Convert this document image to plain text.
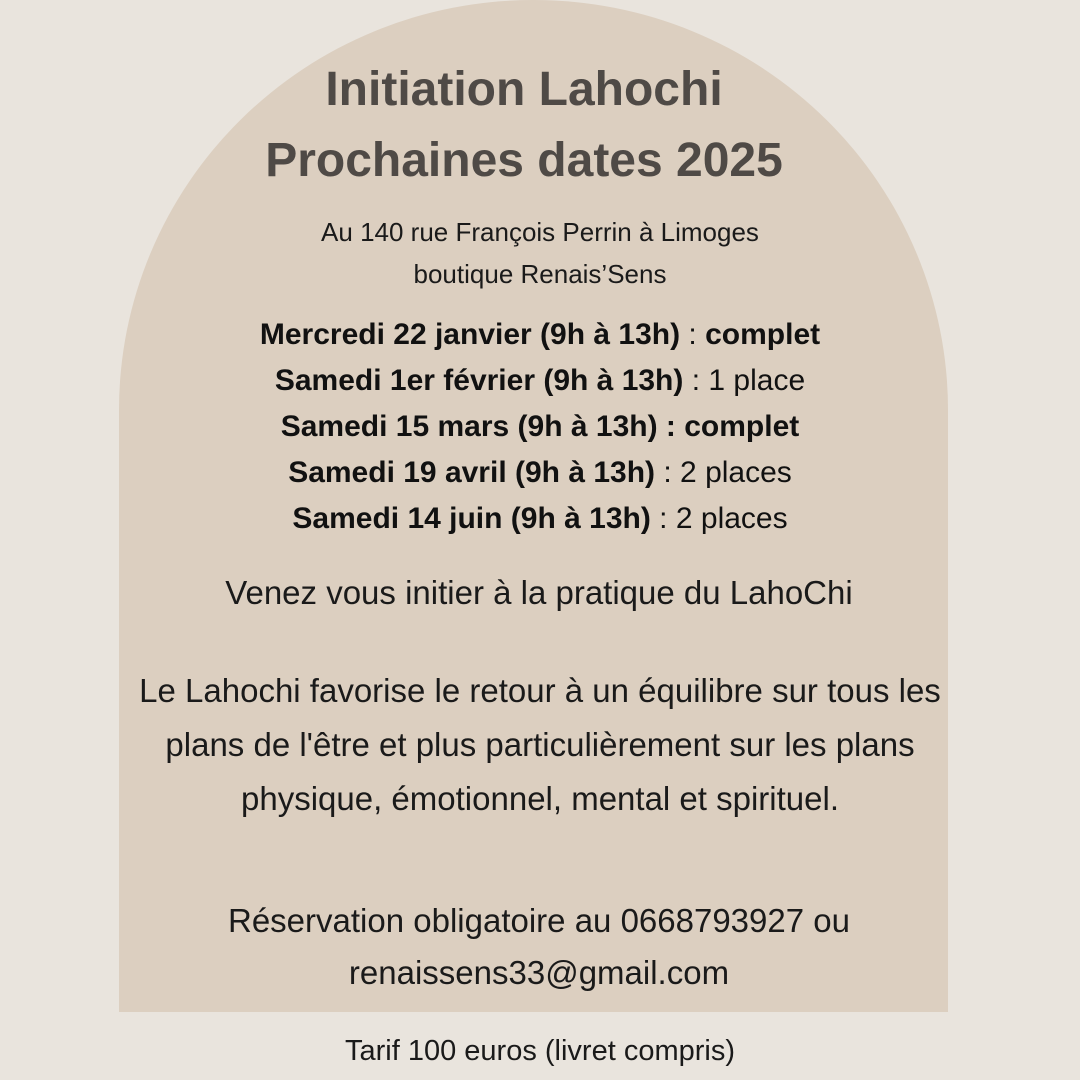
Initiation Lahochi
Prochaines dates 2025
Au 140 rue François Perrin à Limoges
boutique Renais’Sens
Mercredi 22 janvier (9h à 13h) : complet
Samedi 1er février (9h à 13h) : 1 place
Samedi 15 mars (9h à 13h) : complet
Samedi 19 avril (9h à 13h) : 2 places
Samedi 14 juin (9h à 13h) : 2 places
Venez vous initier à la pratique du LahoChi
Le Lahochi favorise le retour à un équilibre sur tous les plans de l'être et plus particulièrement sur les plans physique, émotionnel, mental et spirituel.
Réservation obligatoire au 0668793927 ou
renaissens33@gmail.com
Tarif 100 euros (livret compris)
